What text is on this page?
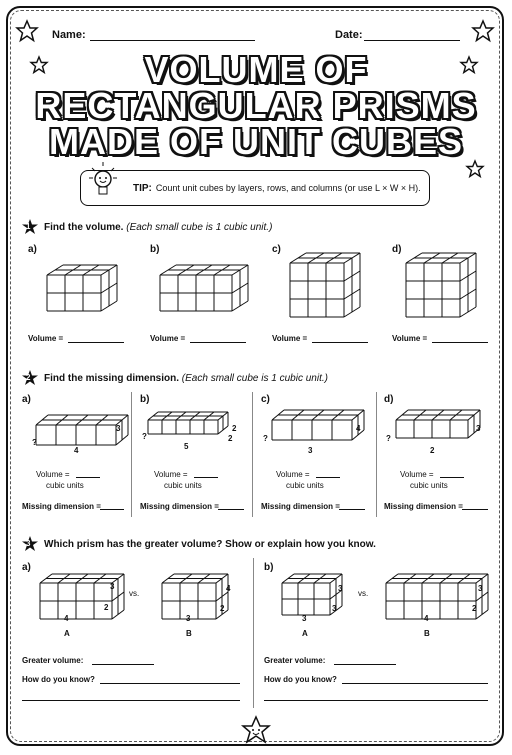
Name:	Date:
VOLUME OF
RECTANGULAR PRISMS
MADE OF UNIT CUBES
TIP: Count unit cubes by layers, rows, and columns (or use L × W × H).
1 Find the volume. (Each small cube is 1 cubic unit.)
a)	b)	c)	d)
Volume =	Volume =	Volume =	Volume =
2 Find the missing dimension. (Each small cube is 1 cubic unit.)
a)	b)	c)	d)
4
3
?	5
2
2
?
3
4
?
2
3
?
Volume =
cubic units
Missing dimension =
Volume =
cubic units
Missing dimension =
Volume =
cubic units
Missing dimension =
Volume =
cubic units
Missing dimension =
3 Which prism has the greater volume? Show or explain how you know.
a)	b)
3
2
4
A
vs.
4
2
3
B
3
3
3
A
vs.
3
2
4
B
Greater volume:
How do you know?
Greater volume:
How do you know?
